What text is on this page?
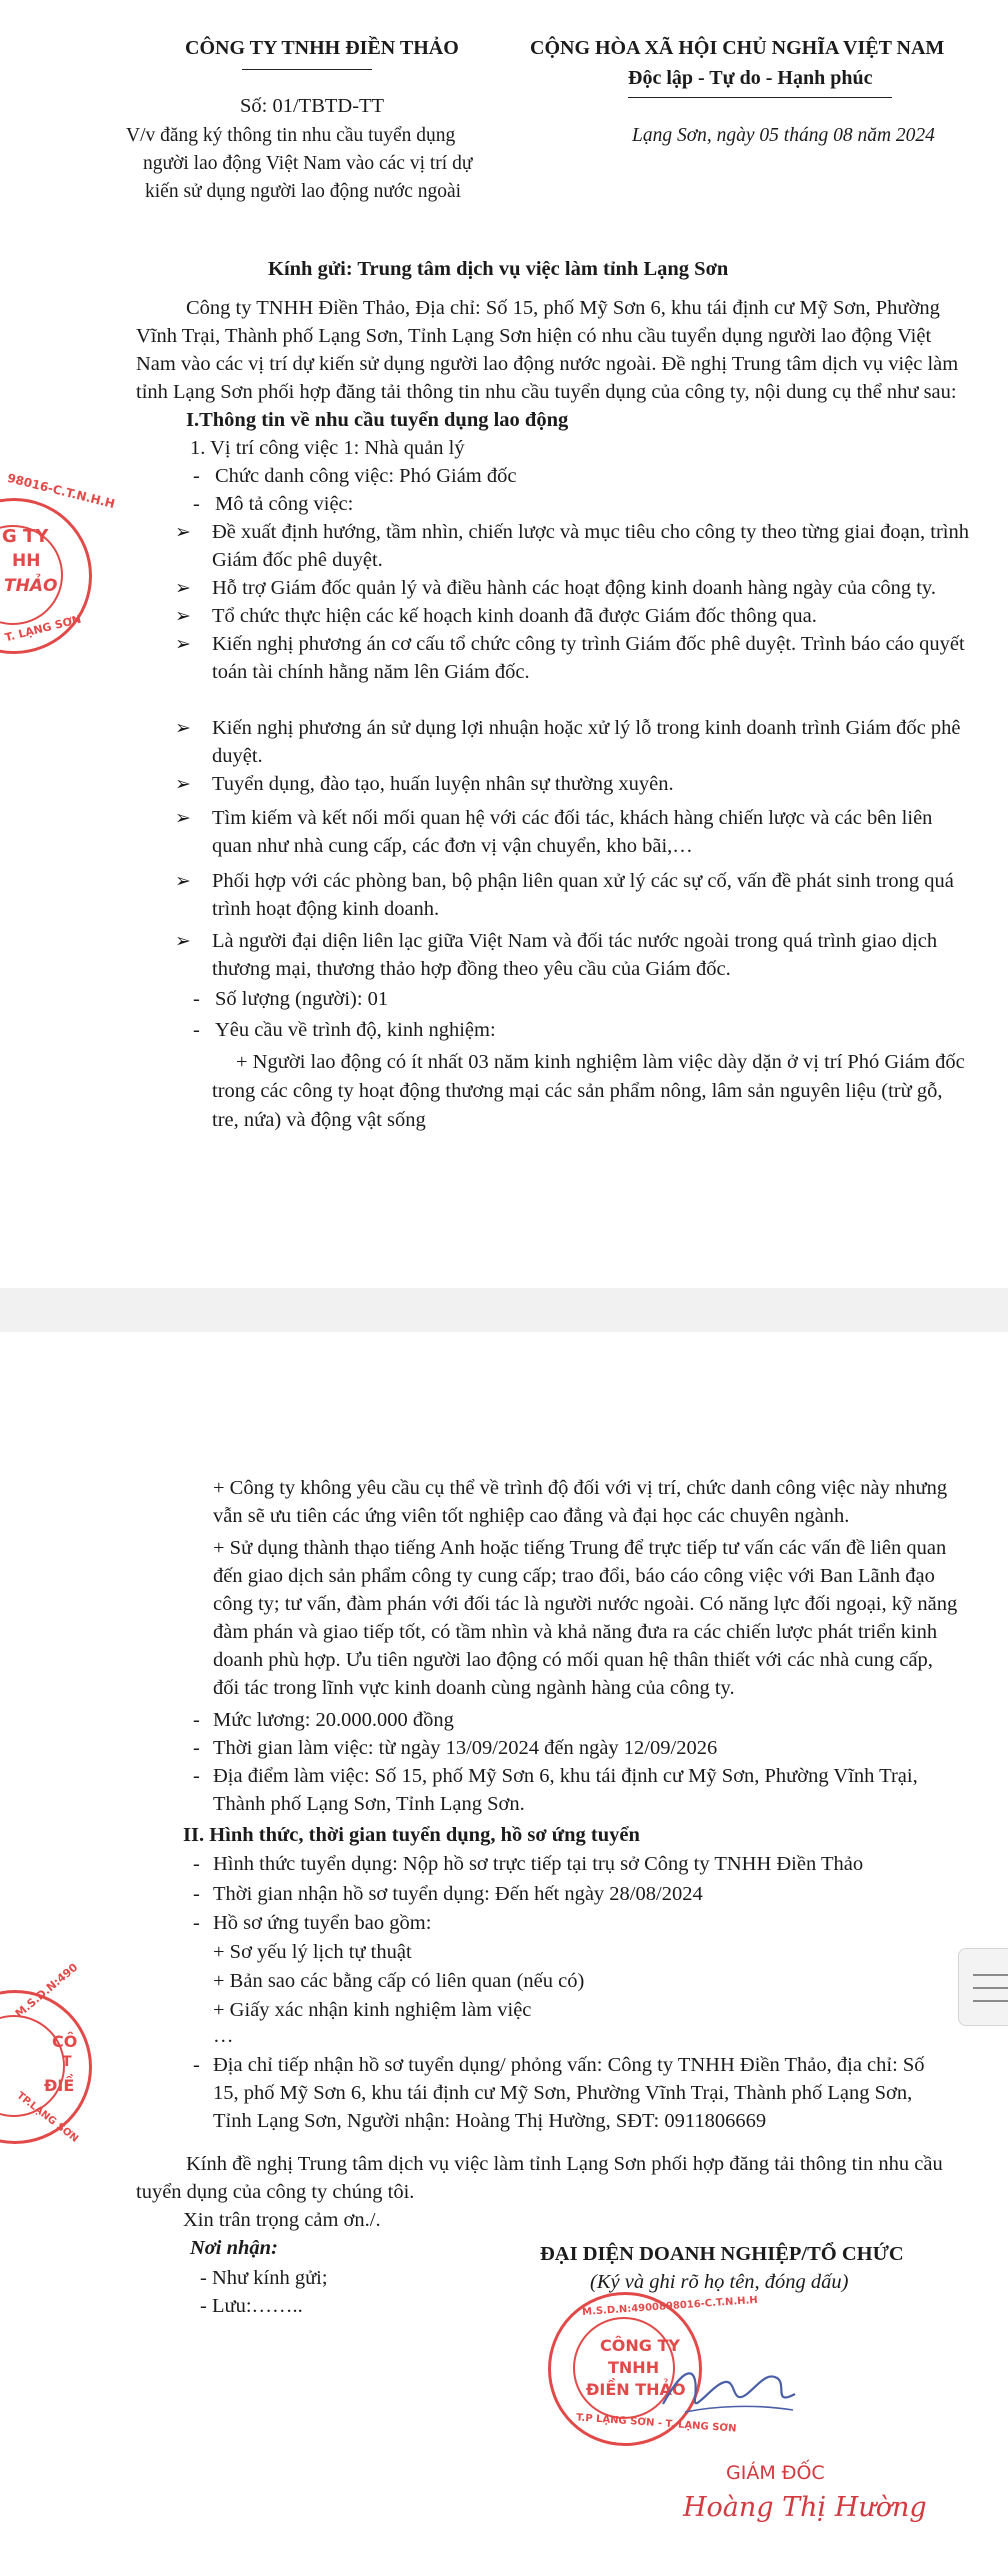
CÔNG TY TNHH ĐIỀN THẢO	CỘNG HÒA XÃ HỘI CHỦ NGHĨA VIỆT NAM
Độc lập - Tự do - Hạnh phúc
Số: 01/TBTD-TT
V/v đăng ký thông tin nhu cầu tuyển dụng
người lao động Việt Nam vào các vị trí dự
kiến sử dụng người lao động nước ngoài
Lạng Sơn, ngày 05 tháng 08 năm 2024
Kính gửi: Trung tâm dịch vụ việc làm tỉnh Lạng Sơn
Công ty TNHH Điền Thảo, Địa chỉ: Số 15, phố Mỹ Sơn 6, khu tái định cư Mỹ Sơn, Phường
Vĩnh Trại, Thành phố Lạng Sơn, Tỉnh Lạng Sơn hiện có nhu cầu tuyển dụng người lao động Việt
Nam vào các vị trí dự kiến sử dụng người lao động nước ngoài. Đề nghị Trung tâm dịch vụ việc làm
tỉnh Lạng Sơn phối hợp đăng tải thông tin nhu cầu tuyển dụng của công ty, nội dung cụ thể như sau:
I.Thông tin về nhu cầu tuyển dụng lao động
1. Vị trí công việc 1: Nhà quản lý
- Chức danh công việc: Phó Giám đốc
- Mô tả công việc:
➢ Đề xuất định hướng, tầm nhìn, chiến lược và mục tiêu cho công ty theo từng giai đoạn, trình
Giám đốc phê duyệt.
➢ Hỗ trợ Giám đốc quản lý và điều hành các hoạt động kinh doanh hàng ngày của công ty.
➢ Tổ chức thực hiện các kế hoạch kinh doanh đã được Giám đốc thông qua.
➢ Kiến nghị phương án cơ cấu tổ chức công ty trình Giám đốc phê duyệt. Trình báo cáo quyết
toán tài chính hằng năm lên Giám đốc.
➢ Kiến nghị phương án sử dụng lợi nhuận hoặc xử lý lỗ trong kinh doanh trình Giám đốc phê
duyệt.
➢ Tuyển dụng, đào tạo, huấn luyện nhân sự thường xuyên.
➢ Tìm kiếm và kết nối mối quan hệ với các đối tác, khách hàng chiến lược và các bên liên
quan như nhà cung cấp, các đơn vị vận chuyển, kho bãi,…
➢ Phối hợp với các phòng ban, bộ phận liên quan xử lý các sự cố, vấn đề phát sinh trong quá
trình hoạt động kinh doanh.
➢ Là người đại diện liên lạc giữa Việt Nam và đối tác nước ngoài trong quá trình giao dịch
thương mại, thương thảo hợp đồng theo yêu cầu của Giám đốc.
- Số lượng (người): 01
- Yêu cầu về trình độ, kinh nghiệm:
+ Người lao động có ít nhất 03 năm kinh nghiệm làm việc dày dặn ở vị trí Phó Giám đốc
trong các công ty hoạt động thương mại các sản phẩm nông, lâm sản nguyên liệu (trừ gỗ,
tre, nứa) và động vật sống
98016-C.T.N.H.H
G TY
HH
THẢO
T. LẠNG SƠN
+ Công ty không yêu cầu cụ thể về trình độ đối với vị trí, chức danh công việc này nhưng
vẫn sẽ ưu tiên các ứng viên tốt nghiệp cao đẳng và đại học các chuyên ngành.
+ Sử dụng thành thạo tiếng Anh hoặc tiếng Trung để trực tiếp tư vấn các vấn đề liên quan
đến giao dịch sản phẩm công ty cung cấp; trao đổi, báo cáo công việc với Ban Lãnh đạo
công ty; tư vấn, đàm phán với đối tác là người nước ngoài. Có năng lực đối ngoại, kỹ năng
đàm phán và giao tiếp tốt, có tầm nhìn và khả năng đưa ra các chiến lược phát triển kinh
doanh phù hợp. Ưu tiên người lao động có mối quan hệ thân thiết với các nhà cung cấp,
đối tác trong lĩnh vực kinh doanh cùng ngành hàng của công ty.
- Mức lương: 20.000.000 đồng
- Thời gian làm việc: từ ngày 13/09/2024 đến ngày 12/09/2026
- Địa điểm làm việc: Số 15, phố Mỹ Sơn 6, khu tái định cư Mỹ Sơn, Phường Vĩnh Trại,
Thành phố Lạng Sơn, Tỉnh Lạng Sơn.
II. Hình thức, thời gian tuyển dụng, hồ sơ ứng tuyển
- Hình thức tuyển dụng: Nộp hồ sơ trực tiếp tại trụ sở Công ty TNHH Điền Thảo
- Thời gian nhận hồ sơ tuyển dụng: Đến hết ngày 28/08/2024
- Hồ sơ ứng tuyển bao gồm:
+ Sơ yếu lý lịch tự thuật
+ Bản sao các bằng cấp có liên quan (nếu có)
+ Giấy xác nhận kinh nghiệm làm việc
…
- Địa chỉ tiếp nhận hồ sơ tuyển dụng/ phỏng vấn: Công ty TNHH Điền Thảo, địa chỉ: Số
15, phố Mỹ Sơn 6, khu tái định cư Mỹ Sơn, Phường Vĩnh Trại, Thành phố Lạng Sơn,
Tỉnh Lạng Sơn, Người nhận: Hoàng Thị Hường, SĐT: 0911806669
Kính đề nghị Trung tâm dịch vụ việc làm tỉnh Lạng Sơn phối hợp đăng tải thông tin nhu cầu
tuyển dụng của công ty chúng tôi.
Xin trân trọng cảm ơn./.
Nơi nhận:
- Như kính gửi;
- Lưu:……..
ĐẠI DIỆN DOANH NGHIỆP/TỔ CHỨC
(Ký và ghi rõ họ tên, đóng dấu)
M.S.D.N:4900898016-C.T.N.H.H
CÔNG TY
TNHH
ĐIỀN THẢO
T.P LẠNG SƠN - T. LẠNG SƠN
GIÁM ĐỐC
Hoàng Thị Hường
M.S.D.N:490
CÔ
T
ĐIỀ
TP.LẠNG SƠN
